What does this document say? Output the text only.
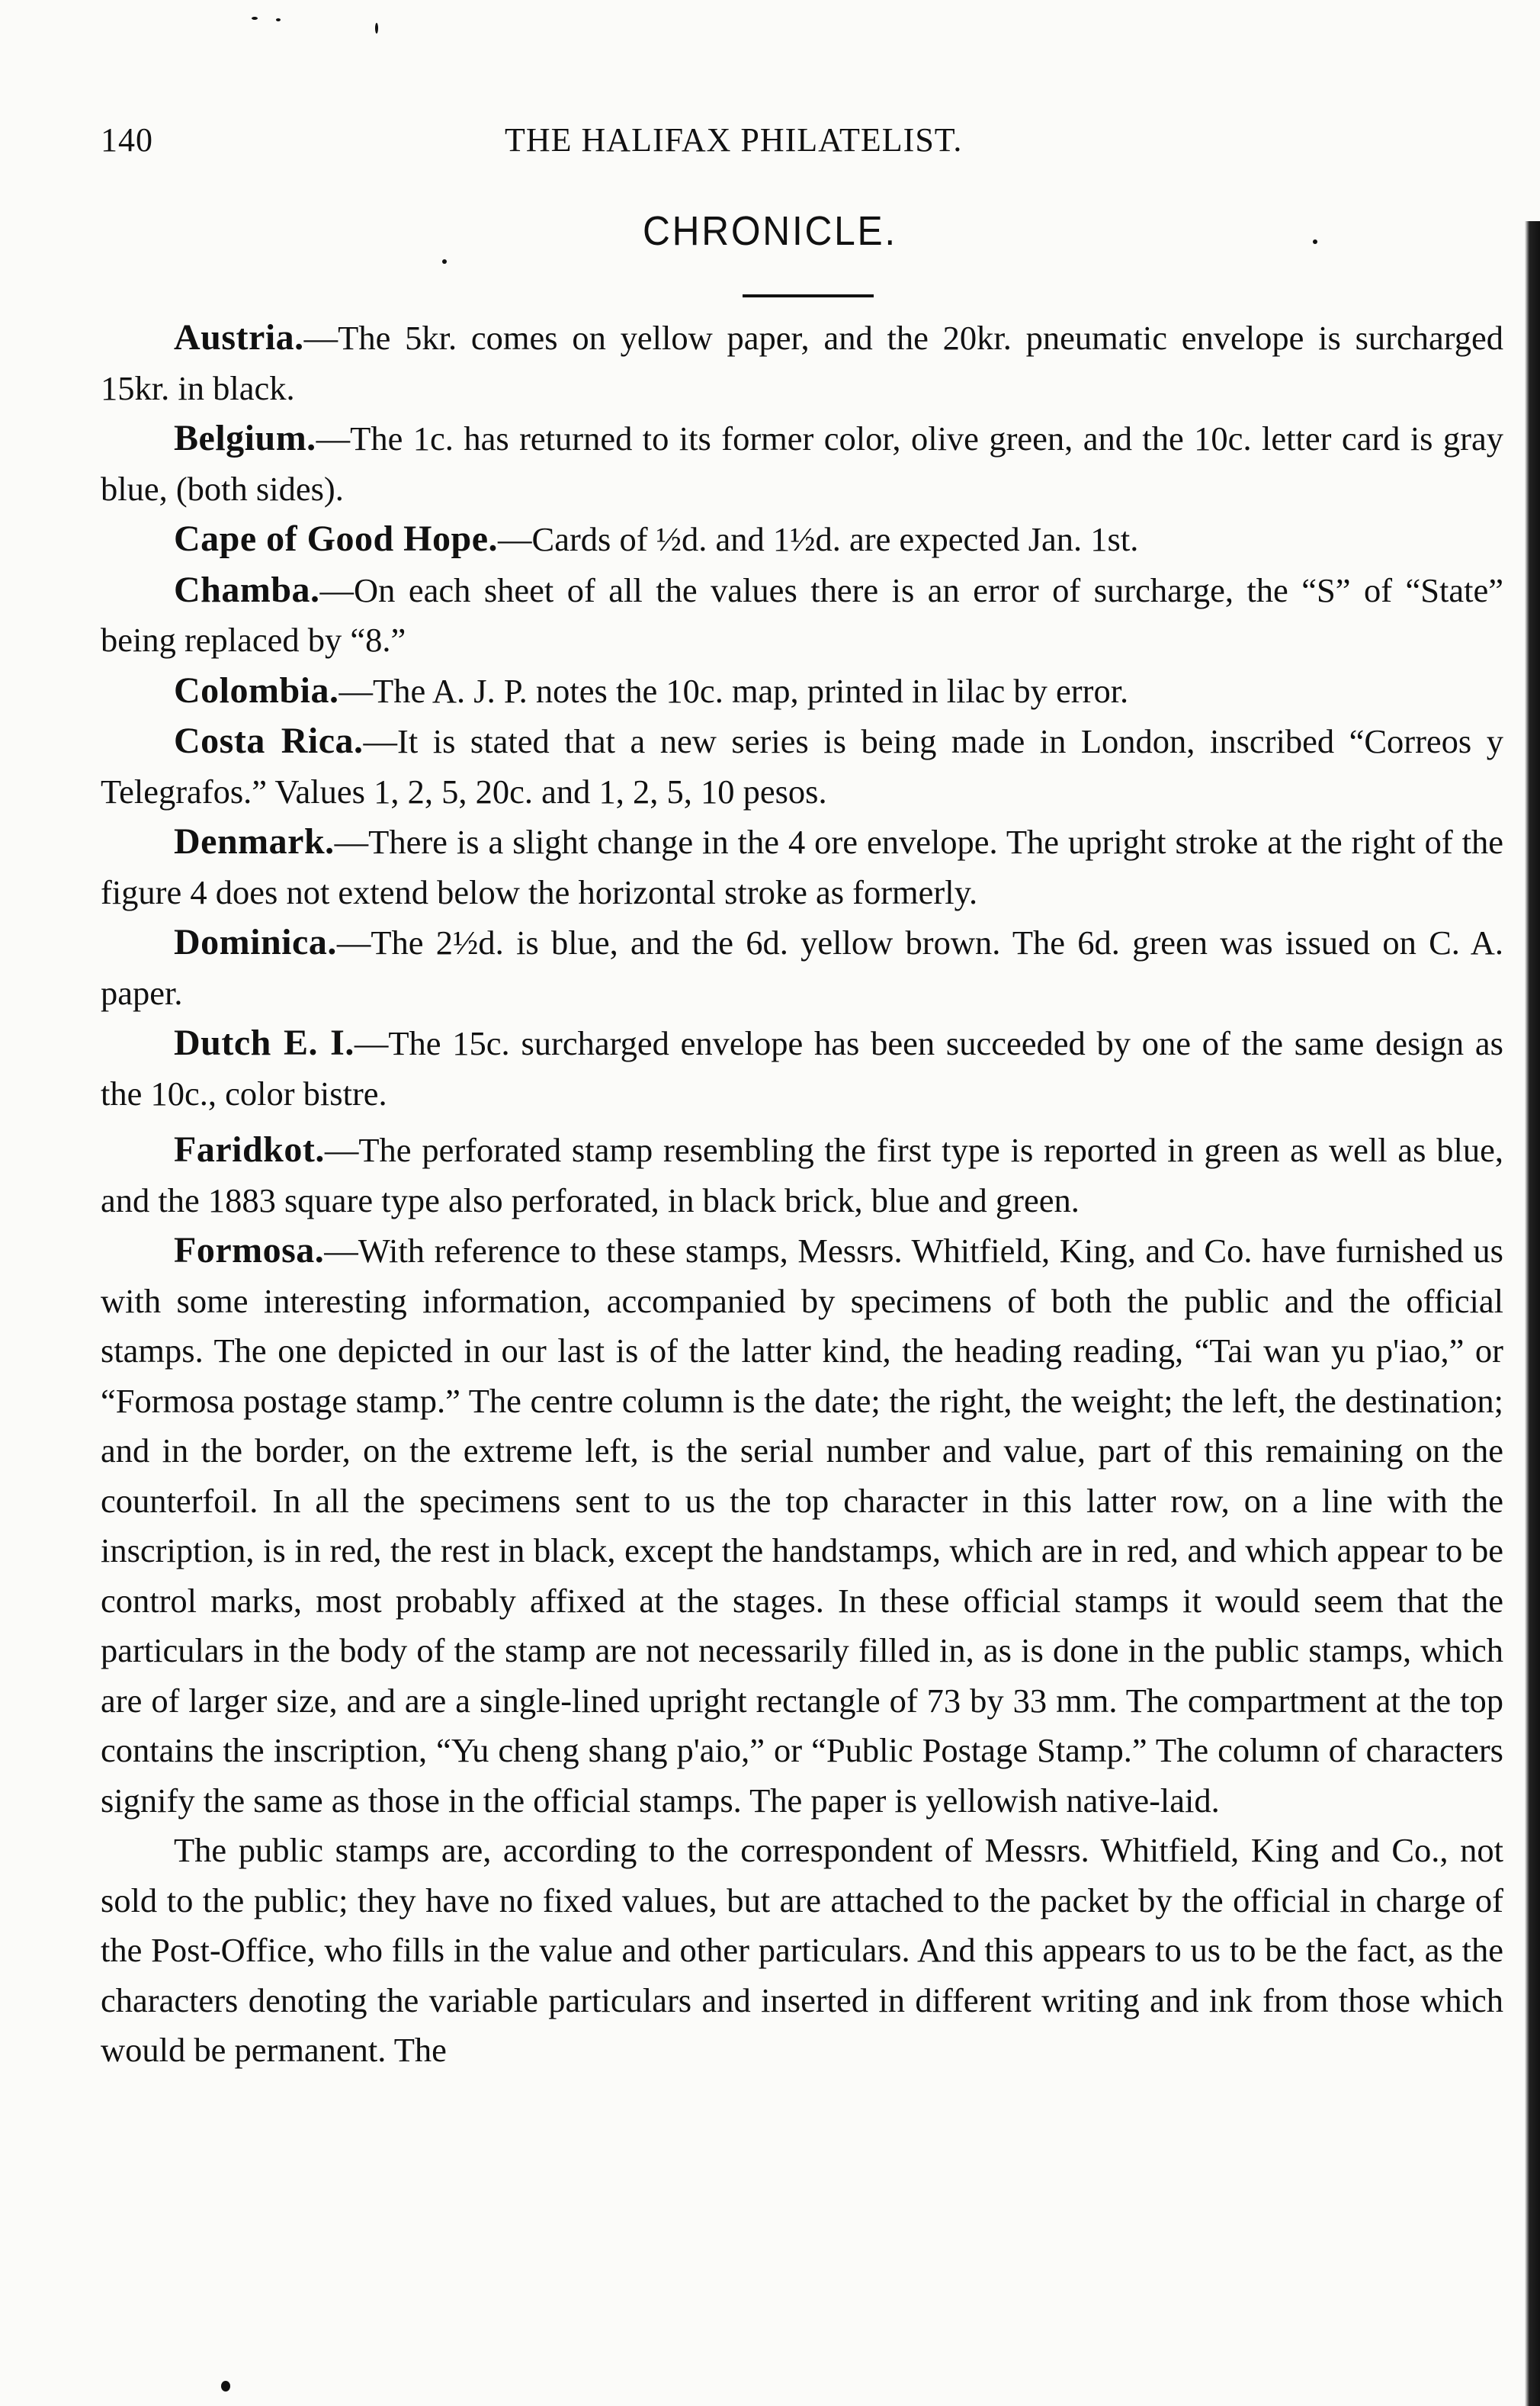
140	THE HALIFAX PHILATELIST.
CHRONICLE.

Austria.—The 5kr. comes on yellow paper, and the 20kr. pneumatic envelope is surcharged 15kr. in black.

Belgium.—The 1c. has returned to its former color, olive green, and the 10c. letter card is gray blue, (both sides).

Cape of Good Hope.—Cards of ½d. and 1½d. are expected Jan. 1st.

Chamba.—On each sheet of all the values there is an error of surcharge, the “S” of “State” being replaced by “8.”

Colombia.—The A. J. P. notes the 10c. map, printed in lilac by error.

Costa Rica.—It is stated that a new series is being made in London, inscribed “Correos y Telegrafos.” Values 1, 2, 5, 20c. and 1, 2, 5, 10 pesos.

Denmark.—There is a slight change in the 4 ore envelope. The upright stroke at the right of the figure 4 does not extend below the horizontal stroke as formerly.

Dominica.—The 2½d. is blue, and the 6d. yellow brown. The 6d. green was issued on C. A. paper.

Dutch E. I.—The 15c. surcharged envelope has been succeeded by one of the same design as the 10c., color bistre.

Faridkot.—The perforated stamp resembling the first type is reported in green as well as blue, and the 1883 square type also perforated, in black brick, blue and green.

Formosa.—With reference to these stamps, Messrs. Whitfield, King, and Co. have furnished us with some interesting information, accompanied by specimens of both the public and the official stamps. The one depicted in our last is of the latter kind, the heading reading, “Tai wan yu p'iao,” or “Formosa postage stamp.” The centre column is the date; the right, the weight; the left, the destination; and in the border, on the extreme left, is the serial number and value, part of this remaining on the counterfoil. In all the specimens sent to us the top character in this latter row, on a line with the inscription, is in red, the rest in black, except the handstamps, which are in red, and which appear to be control marks, most probably affixed at the stages. In these official stamps it would seem that the particulars in the body of the stamp are not necessarily filled in, as is done in the public stamps, which are of larger size, and are a single-lined upright rectangle of 73 by 33 mm. The compartment at the top contains the inscription, “Yu cheng shang p'aio,” or “Public Postage Stamp.” The column of characters signify the same as those in the official stamps. The paper is yellowish native-laid.

The public stamps are, according to the correspondent of Messrs. Whitfield, King and Co., not sold to the public; they have no fixed values, but are attached to the packet by the official in charge of the Post-Office, who fills in the value and other particulars. And this appears to us to be the fact, as the characters denoting the variable particulars and inserted in different writing and ink from those which would be permanent. The
